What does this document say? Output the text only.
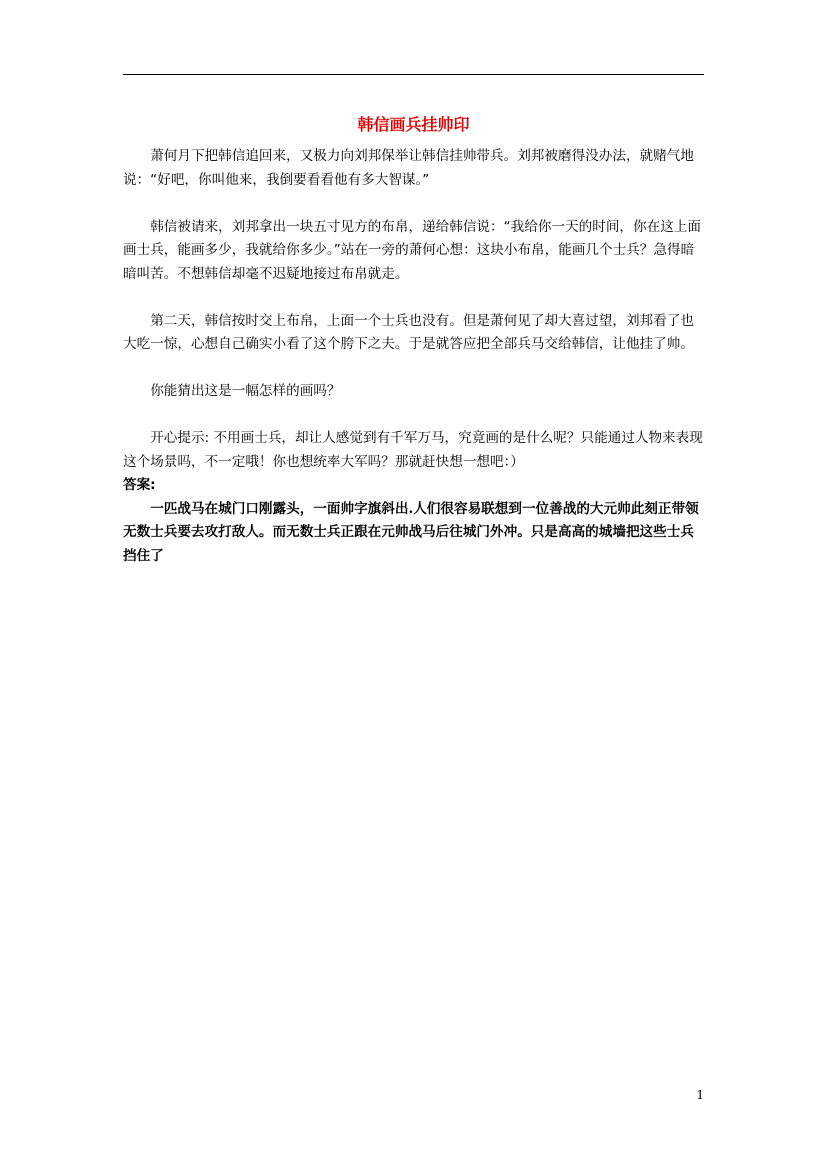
韩信画兵挂帅印

萧何月下把韩信追回来，又极力向刘邦保举让韩信挂帅带兵。刘邦被磨得没办法，就赌气地说：“好吧，你叫他来，我倒要看看他有多大智谋。”

韩信被请来，刘邦拿出一块五寸见方的布帛，递给韩信说：“我给你一天的时间，你在这上面画士兵，能画多少，我就给你多少。”站在一旁的萧何心想：这块小布帛，能画几个士兵？急得暗暗叫苦。不想韩信却毫不迟疑地接过布帛就走。

第二天，韩信按时交上布帛，上面一个士兵也没有。但是萧何见了却大喜过望，刘邦看了也大吃一惊，心想自己确实小看了这个胯下之夫。于是就答应把全部兵马交给韩信，让他挂了帅。

你能猜出这是一幅怎样的画吗？

开心提示: 不用画士兵，却让人感觉到有千军万马，究竟画的是什么呢？只能通过人物来表现这个场景吗，不一定哦！你也想统率大军吗？那就赶快想一想吧：）

答案:

一匹战马在城门口刚露头，一面帅字旗斜出.人们很容易联想到一位善战的大元帅此刻正带领无数士兵要去攻打敌人。而无数士兵正跟在元帅战马后往城门外冲。只是高高的城墙把这些士兵挡住了

1
